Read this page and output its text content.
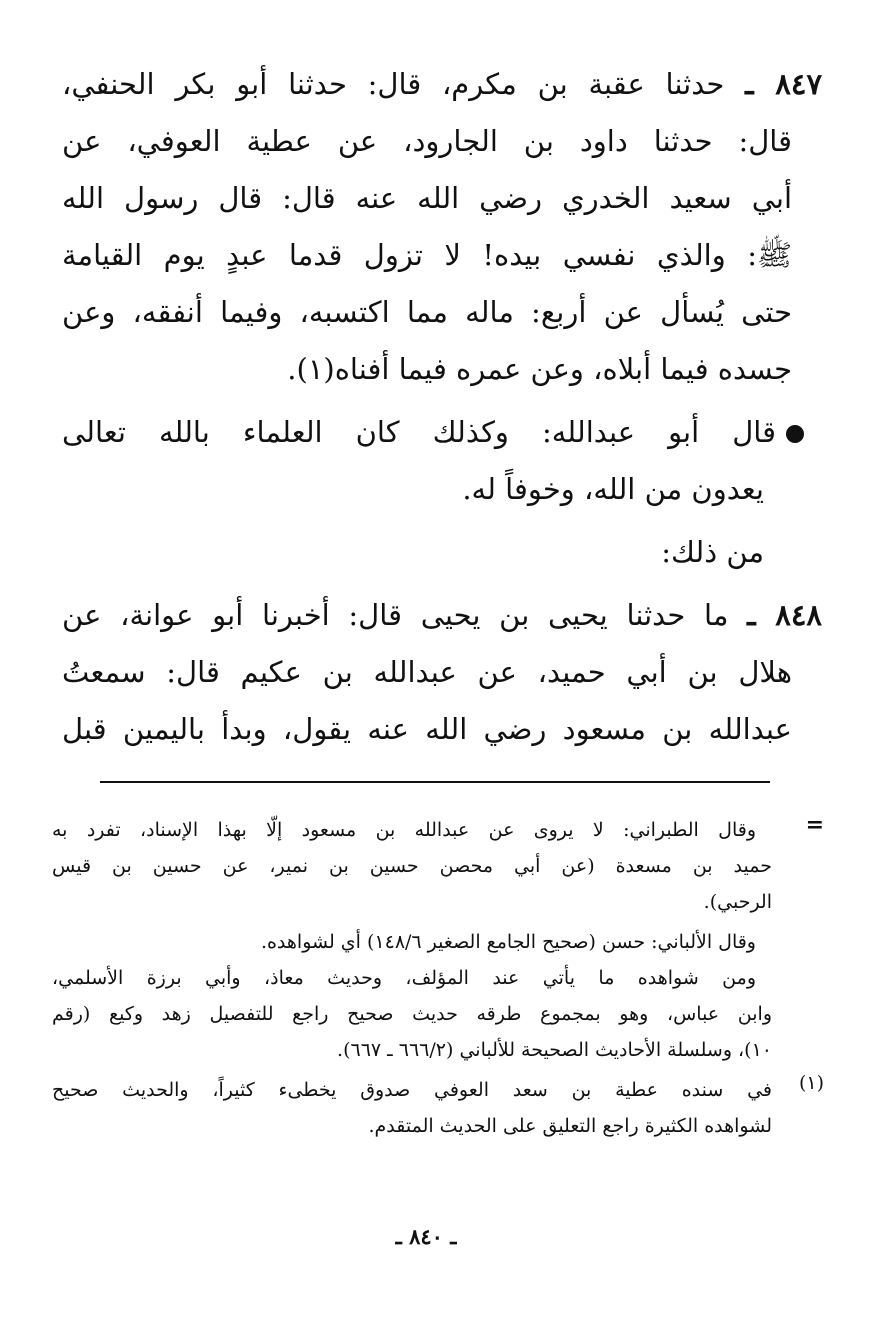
٨٤٧ ـ حدثنا عقبة بن مكرم، قال: حدثنا أبو بكر الحنفي،
قال: حدثنا داود بن الجارود، عن عطية العوفي، عن
أبي سعيد الخدري رضي الله عنه قال: قال رسول الله
ﷺ: والذي نفسي بيده! لا تزول قدما عبدٍ يوم القيامة
حتى يُسأل عن أربع: ماله مما اكتسبه، وفيما أنفقه، وعن
جسده فيما أبلاه، وعن عمره فيما أفناه(١).
قال أبو عبدالله: وكذلك كان العلماء بالله تعالى
يعدون من الله، وخوفاً له.
من ذلك:
٨٤٨ ـ ما حدثنا يحيى بن يحيى قال: أخبرنا أبو عوانة، عن
هلال بن أبي حميد، عن عبدالله بن عكيم قال: سمعتُ
عبدالله بن مسعود رضي الله عنه يقول، وبدأ باليمين قبل
=
وقال الطبراني: لا يروى عن عبدالله بن مسعود إلّا بهذا الإسناد، تفرد به
حميد بن مسعدة (عن أبي محصن حسين بن نمير، عن حسين بن قيس
الرحبي).
وقال الألباني: حسن (صحيح الجامع الصغير ١٤٨/٦) أي لشواهده.
ومن شواهده ما يأتي عند المؤلف، وحديث معاذ، وأبي برزة الأسلمي،
وابن عباس، وهو بمجموع طرقه حديث صحيح راجع للتفصيل زهد وكيع (رقم
١٠)، وسلسلة الأحاديث الصحيحة للألباني (٦٦٦/٢ ـ ٦٦٧).
(١)
في سنده عطية بن سعد العوفي صدوق يخطىء كثيراً، والحديث صحيح
لشواهده الكثيرة راجع التعليق على الحديث المتقدم.
ـ ٨٤٠ ـ
